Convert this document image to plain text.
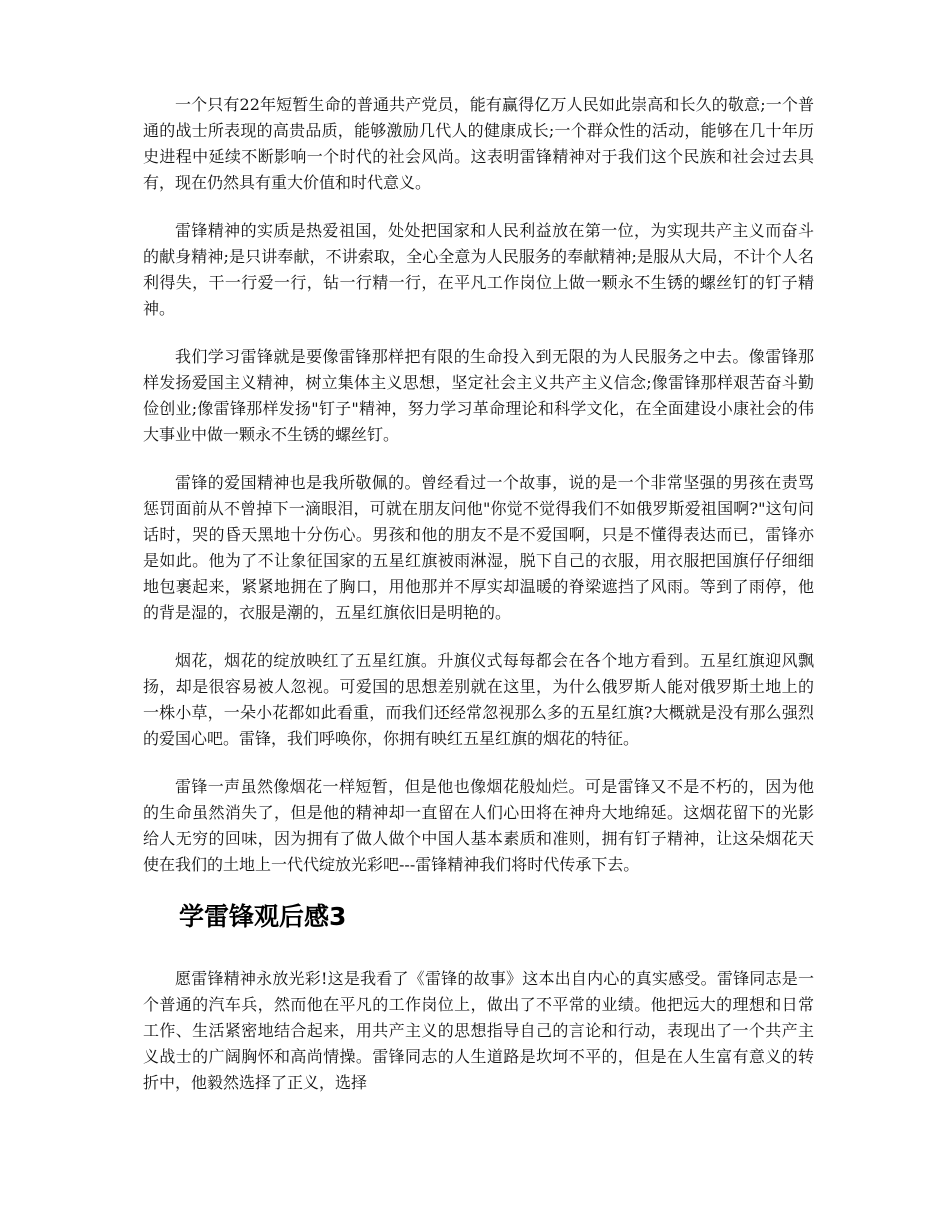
一个只有22年短暂生命的普通共产党员，能有赢得亿万人民如此崇高和长久的敬意;一个普通的战士所表现的高贵品质，能够激励几代人的健康成长;一个群众性的活动，能够在几十年历史进程中延续不断影响一个时代的社会风尚。这表明雷锋精神对于我们这个民族和社会过去具有，现在仍然具有重大价值和时代意义。

雷锋精神的实质是热爱祖国，处处把国家和人民利益放在第一位，为实现共产主义而奋斗的献身精神;是只讲奉献，不讲索取，全心全意为人民服务的奉献精神;是服从大局，不计个人名利得失，干一行爱一行，钻一行精一行，在平凡工作岗位上做一颗永不生锈的螺丝钉的钉子精神。

我们学习雷锋就是要像雷锋那样把有限的生命投入到无限的为人民服务之中去。像雷锋那样发扬爱国主义精神，树立集体主义思想，坚定社会主义共产主义信念;像雷锋那样艰苦奋斗勤俭创业;像雷锋那样发扬"钉子"精神，努力学习革命理论和科学文化，在全面建设小康社会的伟大事业中做一颗永不生锈的螺丝钉。

雷锋的爱国精神也是我所敬佩的。曾经看过一个故事，说的是一个非常坚强的男孩在责骂惩罚面前从不曾掉下一滴眼泪，可就在朋友问他"你觉不觉得我们不如俄罗斯爱祖国啊?"这句问话时，哭的昏天黑地十分伤心。男孩和他的朋友不是不爱国啊，只是不懂得表达而已，雷锋亦是如此。他为了不让象征国家的五星红旗被雨淋湿，脱下自己的衣服，用衣服把国旗仔仔细细地包裹起来，紧紧地拥在了胸口，用他那并不厚实却温暖的脊梁遮挡了风雨。等到了雨停，他的背是湿的，衣服是潮的，五星红旗依旧是明艳的。

烟花，烟花的绽放映红了五星红旗。升旗仪式每每都会在各个地方看到。五星红旗迎风飘扬，却是很容易被人忽视。可爱国的思想差别就在这里，为什么俄罗斯人能对俄罗斯土地上的一株小草，一朵小花都如此看重，而我们还经常忽视那么多的五星红旗?大概就是没有那么强烈的爱国心吧。雷锋，我们呼唤你，你拥有映红五星红旗的烟花的特征。

雷锋一声虽然像烟花一样短暂，但是他也像烟花般灿烂。可是雷锋又不是不朽的，因为他的生命虽然消失了，但是他的精神却一直留在人们心田将在神舟大地绵延。这烟花留下的光影给人无穷的回味，因为拥有了做人做个中国人基本素质和准则，拥有钉子精神，让这朵烟花天使在我们的土地上一代代绽放光彩吧---雷锋精神我们将时代传承下去。

学雷锋观后感3

愿雷锋精神永放光彩!这是我看了《雷锋的故事》这本出自内心的真实感受。雷锋同志是一个普通的汽车兵，然而他在平凡的工作岗位上，做出了不平常的业绩。他把远大的理想和日常工作、生活紧密地结合起来，用共产主义的思想指导自己的言论和行动，表现出了一个共产主义战士的广阔胸怀和高尚情操。雷锋同志的人生道路是坎坷不平的，但是在人生富有意义的转折中，他毅然选择了正义，选择
